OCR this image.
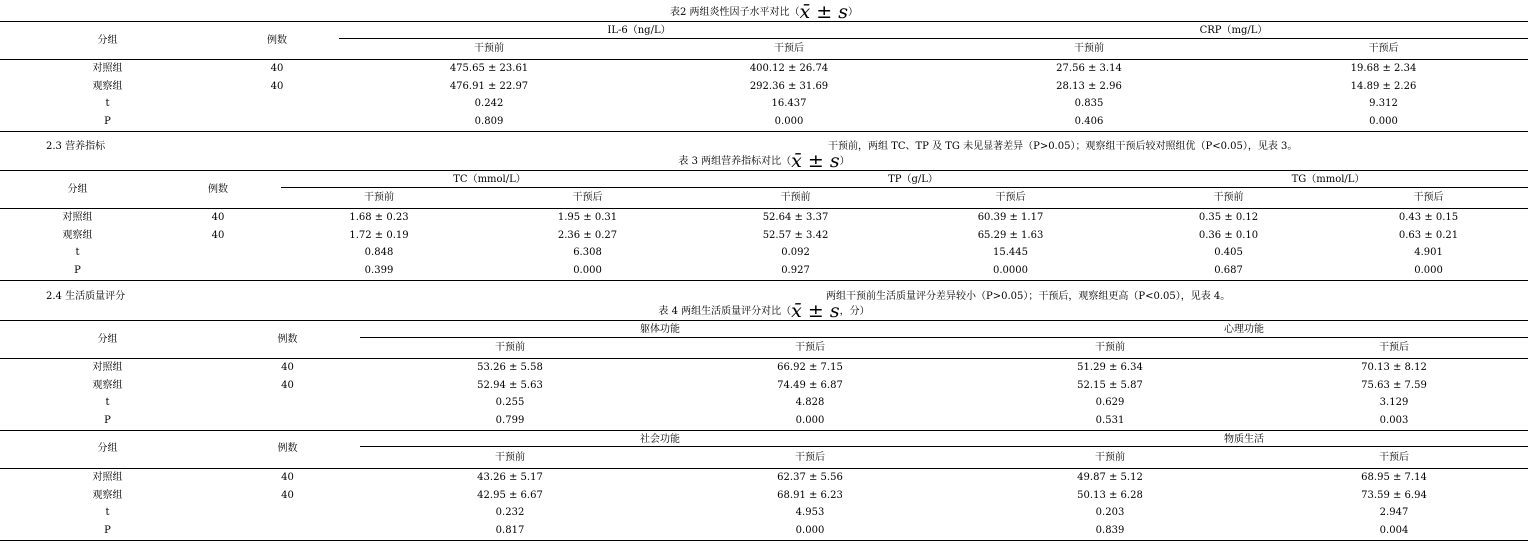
表2 两组炎性因子水平对比（x̄ ± s）
分组	例数	IL-6（ng/L）		CRP（mg/L）	
		干预前	干预后	干预前	干预后
对照组	40	475.65 ± 23.61	400.12 ± 26.74	27.56 ± 3.14	19.68 ± 2.34
观察组	40	476.91 ± 22.97	292.36 ± 31.69	28.13 ± 2.96	14.89 ± 2.26
t		0.242	16.437	0.835	9.312
P		0.809	0.000	0.406	0.000
2.3 营养指标	干预前，两组 TC、TP 及 TG 未见显著差异（P>0.05）；观察组干预后较对照组优（P<0.05），见表 3。
表 3 两组营养指标对比（x̄ ± s）
分组	例数	TC（mmol/L）		TP（g/L）		TG（mmol/L）	
		干预前	干预后	干预前	干预后	干预前	干预后
对照组	40	1.68 ± 0.23	1.95 ± 0.31	52.64 ± 3.37	60.39 ± 1.17	0.35 ± 0.12	0.43 ± 0.15
观察组	40	1.72 ± 0.19	2.36 ± 0.27	52.57 ± 3.42	65.29 ± 1.63	0.36 ± 0.10	0.63 ± 0.21
t		0.848	6.308	0.092	15.445	0.405	4.901
P		0.399	0.000	0.927	0.0000	0.687	0.000
2.4 生活质量评分	两组干预前生活质量评分差异较小（P>0.05）；干预后，观察组更高（P<0.05），见表 4。
表 4 两组生活质量评分对比（x̄ ± s，分）
分组	例数	躯体功能		心理功能	
		干预前	干预后	干预前	干预后
对照组	40	53.26 ± 5.58	66.92 ± 7.15	51.29 ± 6.34	70.13 ± 8.12
观察组	40	52.94 ± 5.63	74.49 ± 6.87	52.15 ± 5.87	75.63 ± 7.59
t		0.255	4.828	0.629	3.129
P		0.799	0.000	0.531	0.003
分组	例数	社会功能		物质生活	
		干预前	干预后	干预前	干预后
对照组	40	43.26 ± 5.17	62.37 ± 5.56	49.87 ± 5.12	68.95 ± 7.14
观察组	40	42.95 ± 6.67	68.91 ± 6.23	50.13 ± 6.28	73.59 ± 6.94
t		0.232	4.953	0.203	2.947
P		0.817	0.000	0.839	0.004
